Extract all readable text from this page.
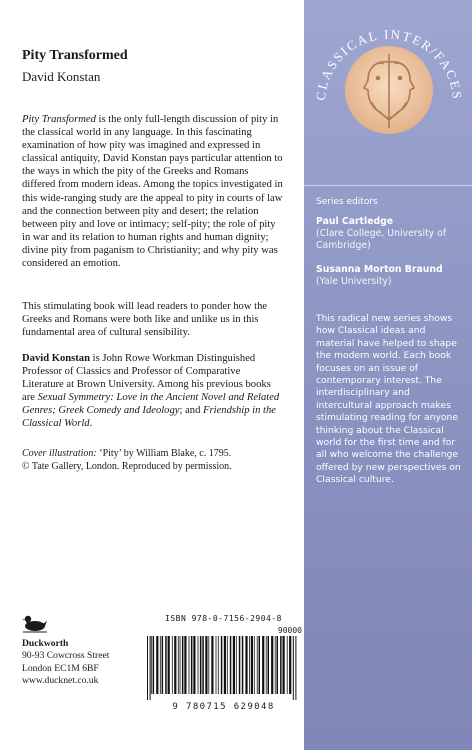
Pity Transformed
David Konstan

Pity Transformed is the only full-length discussion of pity in the classical world in any language. In this fascinating examination of how pity was imagined and expressed in classical antiquity, David Konstan pays particular attention to the ways in which the pity of the Greeks and Romans differed from modern ideas. Among the topics investigated in this wide-ranging study are the appeal to pity in courts of law and the connection between pity and desert; the relation between pity and love or intimacy; self-pity; the role of pity in war and its relation to human rights and human dignity; divine pity from paganism to Christianity; and why pity was considered an emotion.

This stimulating book will lead readers to ponder how the Greeks and Romans were both like and unlike us in this fundamental area of cultural sensibility.

David Konstan is John Rowe Workman Distinguished Professor of Classics and Professor of Comparative Literature at Brown University. Among his previous books are Sexual Symmetry: Love in the Ancient Novel and Related Genres; Greek Comedy and Ideology; and Friendship in the Classical World.

Cover illustration: ‘Pity’ by William Blake, c. 1795.
© Tate Gallery, London. Reproduced by permission.

Duckworth
90-93 Cowcross Street
London EC1M 6BF
www.ducknet.co.uk
ISBN 978-0-7156-2904-8
90000
9 780715 629048
CLASSICAL INTER/FACES
Series editors
Paul Cartledge
(Clare College, University of Cambridge)
Susanna Morton Braund
(Yale University)

This radical new series shows how Classical ideas and material have helped to shape the modern world. Each book focuses on an issue of contemporary interest. The interdisciplinary and intercultural approach makes stimulating reading for anyone thinking about the Classical world for the first time and for all who welcome the challenge offered by new perspectives on Classical culture.
